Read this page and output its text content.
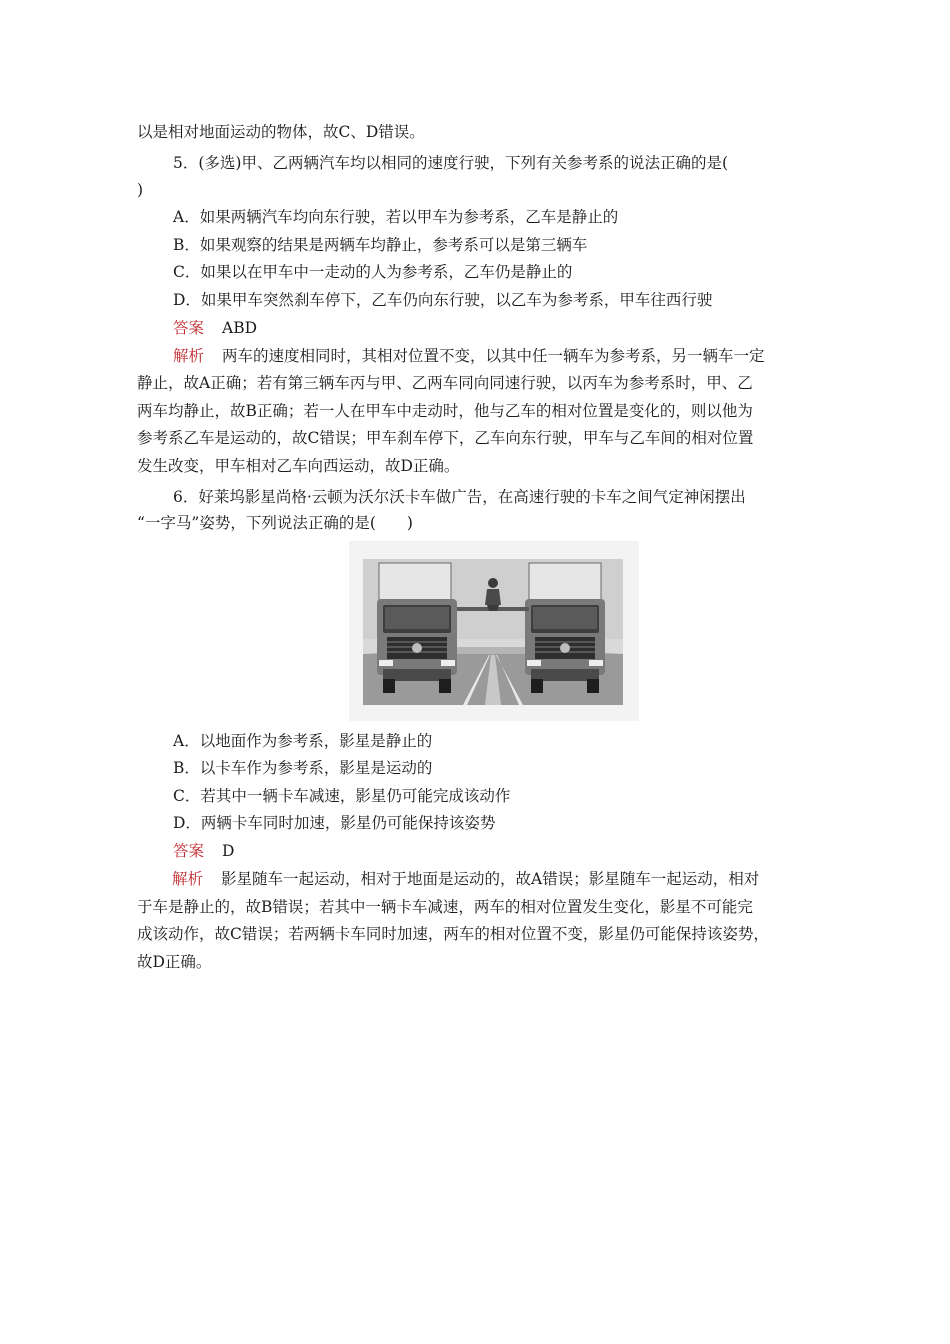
以是相对地面运动的物体，故C、D错误。
5．(多选)甲、乙两辆汽车均以相同的速度行驶，下列有关参考系的说法正确的是(
)
A．如果两辆汽车均向东行驶，若以甲车为参考系，乙车是静止的
B．如果观察的结果是两辆车均静止，参考系可以是第三辆车
C．如果以在甲车中一走动的人为参考系，乙车仍是静止的
D．如果甲车突然刹车停下，乙车仍向东行驶，以乙车为参考系，甲车往西行驶
答案 ABD
解析 两车的速度相同时，其相对位置不变，以其中任一辆车为参考系，另一辆车一定
静止，故A正确；若有第三辆车丙与甲、乙两车同向同速行驶，以丙车为参考系时，甲、乙
两车均静止，故B正确；若一人在甲车中走动时，他与乙车的相对位置是变化的，则以他为
参考系乙车是运动的，故C错误；甲车刹车停下，乙车向东行驶，甲车与乙车间的相对位置
发生改变，甲车相对乙车向西运动，故D正确。
6．好莱坞影星尚格·云顿为沃尔沃卡车做广告，在高速行驶的卡车之间气定神闲摆出
“一字马”姿势，下列说法正确的是(　　)
A．以地面作为参考系，影星是静止的
B．以卡车作为参考系，影星是运动的
C．若其中一辆卡车减速，影星仍可能完成该动作
D．两辆卡车同时加速，影星仍可能保持该姿势
答案 D
解析 影星随车一起运动，相对于地面是运动的，故A错误；影星随车一起运动，相对
于车是静止的，故B错误；若其中一辆卡车减速，两车的相对位置发生变化，影星不可能完
成该动作，故C错误；若两辆卡车同时加速，两车的相对位置不变，影星仍可能保持该姿势，
故D正确。
